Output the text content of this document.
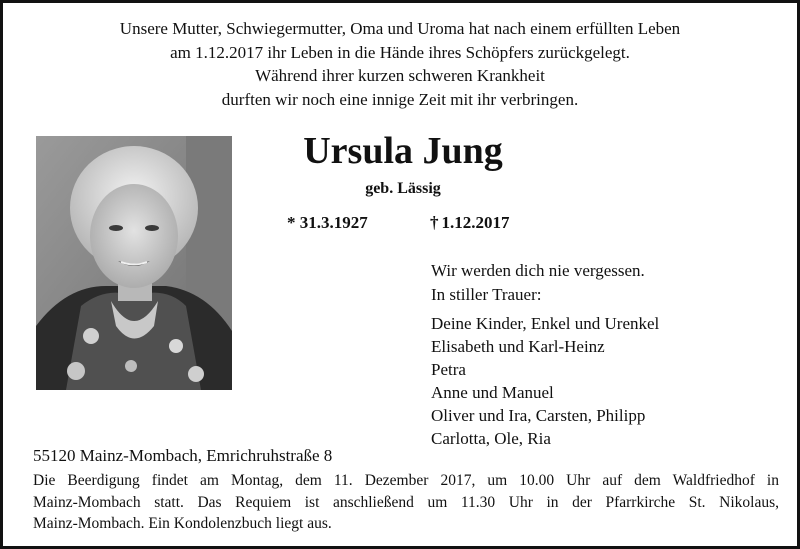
Unsere Mutter, Schwiegermutter, Oma und Uroma hat nach einem erfüllten Leben
am 1.12.2017 ihr Leben in die Hände ihres Schöpfers zurückgelegt.
Während ihrer kurzen schweren Krankheit
durften wir noch eine innige Zeit mit ihr verbringen.
Ursula Jung
geb. Lässig
* 31.3.1927	† 1.12.2017
Wir werden dich nie vergessen.
In stiller Trauer:
Deine Kinder, Enkel und Urenkel
Elisabeth und Karl-Heinz
Petra
Anne und Manuel
Oliver und Ira, Carsten, Philipp
Carlotta, Ole, Ria
55120 Mainz-Mombach, Emrichruhstraße 8
Die Beerdigung findet am Montag, dem 11. Dezember 2017, um 10.00 Uhr auf dem Waldfriedhof in
Mainz-Mombach statt. Das Requiem ist anschließend um 11.30 Uhr in der Pfarrkirche St. Nikolaus,
Mainz-Mombach. Ein Kondolenzbuch liegt aus.
